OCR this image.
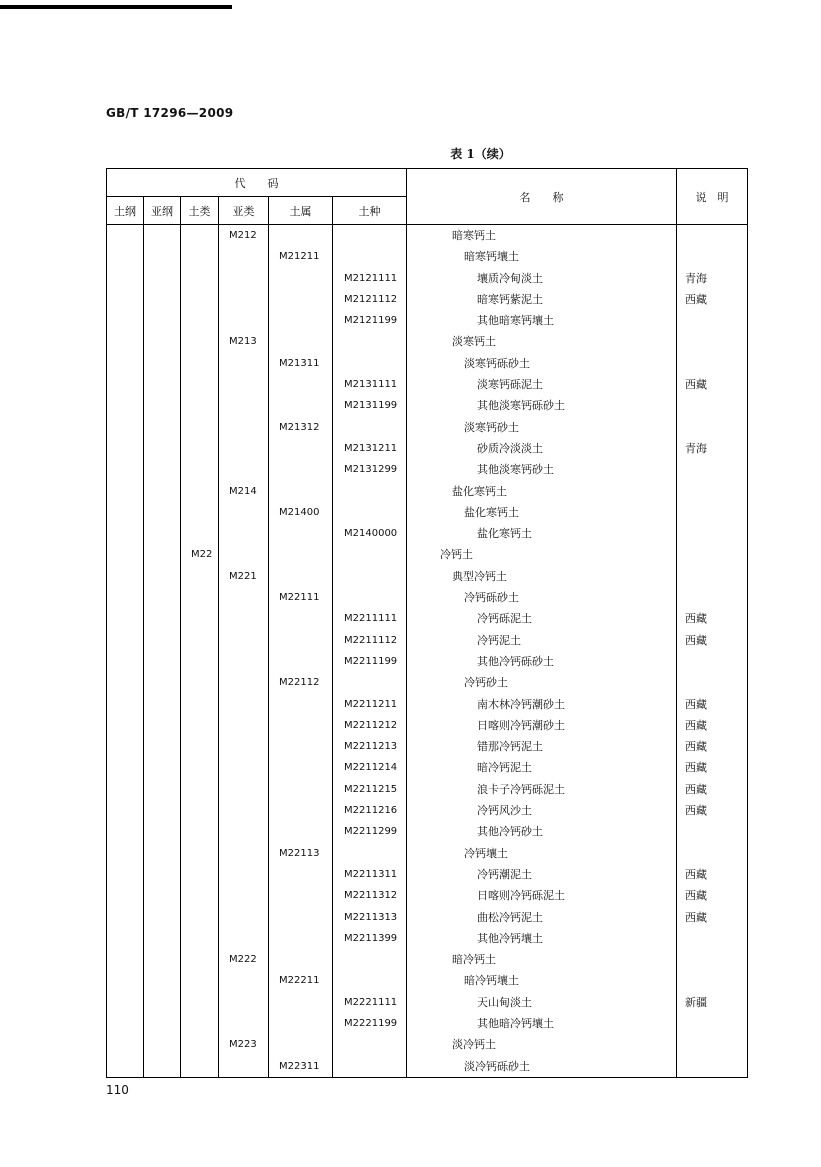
GB/T 17296—2009
表 1（续）
代　　码						名　　称	说　明
土纲	亚纲	土类	亚类	土属	土种		
			M212			暗寒钙土	
				M21211		暗寒钙壤土	
					M2121111	壤质冷甸淡土	青海
					M2121112	暗寒钙紫泥土	西藏
					M2121199	其他暗寒钙壤土	
			M213			淡寒钙土	
				M21311		淡寒钙砾砂土	
					M2131111	淡寒钙砾泥土	西藏
					M2131199	其他淡寒钙砾砂土	
				M21312		淡寒钙砂土	
					M2131211	砂质冷淡淡土	青海
					M2131299	其他淡寒钙砂土	
			M214			盐化寒钙土	
				M21400		盐化寒钙土	
					M2140000	盐化寒钙土	
		M22				冷钙土	
			M221			典型冷钙土	
				M22111		冷钙砾砂土	
					M2211111	冷钙砾泥土	西藏
					M2211112	冷钙泥土	西藏
					M2211199	其他冷钙砾砂土	
				M22112		冷钙砂土	
					M2211211	南木林冷钙潮砂土	西藏
					M2211212	日喀则冷钙潮砂土	西藏
					M2211213	错那冷钙泥土	西藏
					M2211214	暗冷钙泥土	西藏
					M2211215	浪卡子冷钙砾泥土	西藏
					M2211216	冷钙风沙土	西藏
					M2211299	其他冷钙砂土	
				M22113		冷钙壤土	
					M2211311	冷钙潮泥土	西藏
					M2211312	日喀则冷钙砾泥土	西藏
					M2211313	曲松冷钙泥土	西藏
					M2211399	其他冷钙壤土	
			M222			暗冷钙土	
				M22211		暗冷钙壤土	
					M2221111	天山甸淡土	新疆
					M2221199	其他暗冷钙壤土	
			M223			淡冷钙土	
				M22311		淡冷钙砾砂土	
110
